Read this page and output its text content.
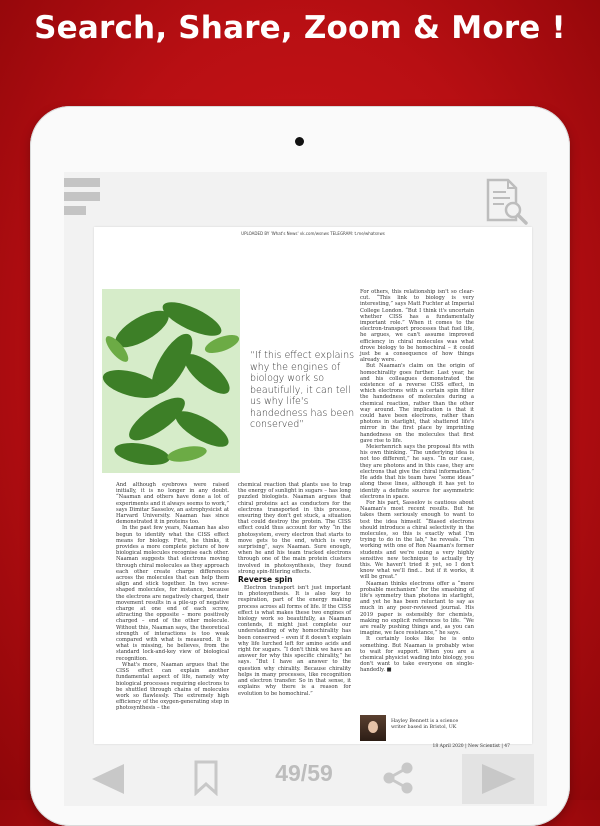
Search, Share, Zoom & More !
UPLOADED BY 'What's News' vk.com/wsnws TELEGRAM: t.me/whatsnws
“If this effect explains why the engines of biology work so beautifully, it can tell us why life's handedness has been conserved”

And although eyebrows were raised initially, it is no longer in any doubt. “Naaman and others have done a lot of experiments and it always seems to work,” says Dimitar Sasselov, an astrophysicist at Harvard University. Naaman has since demonstrated it in proteins too.

In the past few years, Naaman has also begun to identify what the CISS effect means for biology. First, he thinks, it provides a more complete picture of how biological molecules recognise each other. Naaman suggests that electrons moving through chiral molecules as they approach each other create charge differences across the molecules that can help them align and stick together. In two screw-shaped molecules, for instance, because the electrons are negatively charged, their movement results in a pile-up of negative charge at one end of each screw, attracting the opposite – more positively charged – end of the other molecule. Without this, Naaman says, the theoretical strength of interactions is too weak compared with what is measured. It is what is missing, he believes, from the standard lock-and-key view of biological recognition.

What's more, Naaman argues that the CISS effect can explain another fundamental aspect of life, namely why biological processes requiring electrons to be shuttled through chains of molecules work so flawlessly. The extremely high efficiency of the oxygen-generating step in photosynthesis – the

chemical reaction that plants use to trap the energy of sunlight in sugars – has long puzzled biologists. Naaman argues that chiral proteins act as conductors for the electrons transported in this process, ensuring they don't get stuck, a situation that could destroy the protein. The CISS effect could thus account for why “in the photosystem, every electron that starts to move gets to the end, which is very surprising”, says Naaman. Sure enough, when he and his team tracked electrons through one of the main protein clusters involved in photosynthesis, they found strong spin-filtering effects.

Reverse spin

Electron transport isn't just important in photosynthesis. It is also key to respiration, part of the energy making process across all forms of life. If the CISS effect is what makes these two engines of biology work so beautifully, as Naaman contends, it might just complete our understanding of why homochirality has been conserved – even if it doesn't explain why life lurched left for amino acids and right for sugars. “I don't think we have an answer for why this specific chirality,” he says. “But I have an answer to the question why chirality. Because chirality helps in many processes, like recognition and electron transfer. So in that sense, it explains why there is a reason for evolution to be homochiral.”

For others, this relationship isn't so clear-cut. “This link to biology is very interesting,” says Matt Fuchter at Imperial College London. “But I think it's uncertain whether CISS has a fundamentally important role.” When it comes to the electron-transport processes that fuel life, he argues, we can't assume improved efficiency in chiral molecules was what drove biology to be homochiral – it could just be a consequence of how things already were.

But Naaman's claim on the origin of homochirality goes further. Last year, he and his colleagues demonstrated the existence of a reverse CISS effect, in which electrons with a certain spin filter the handedness of molecules during a chemical reaction, rather than the other way around. The implication is that it could have been electrons, rather than photons in starlight, that shattered life's mirror in the first place by imprinting handedness on the molecules that first gave rise to life.

Meierhenrich says the proposal fits with his own thinking. “The underlying idea is not too different,” he says. “In our case, they are photons and in this case, they are electrons that give the chiral information.” He adds that his team have “some ideas” along these lines, although it has yet to identify a definite source for asymmetric electrons in space.

For his part, Sasselov is cautious about Naaman's most recent results. But he takes them seriously enough to want to test the idea himself. “Biased electrons should introduce a chiral selectivity in the molecules, so this is exactly what I'm trying to do in the lab,” he reveals. “I'm working with one of Ron Naaman's former students and we're using a very highly sensitive new technique to actually try this. We haven't tried it yet, so I don't know what we'll find... but if it works, it will be great.”

Naaman thinks electrons offer a “more probable mechanism” for the smashing of life's symmetry than photons in starlight, and yet he has been reluctant to say as much in any peer-reviewed journal. His 2019 paper is ostensibly for chemists, making no explicit references to life. “We are really pushing things and, as you can imagine, we face resistance,” he says.

It certainly looks like he is onto something. But Naaman is probably wise to wait for support. When you are a chemical physicist wading into biology, you don't want to take everyone on single-handedly. ■

Hayley Bennett is a science writer based in Bristol, UK
18 April 2020 | New Scientist | 47
49/59
